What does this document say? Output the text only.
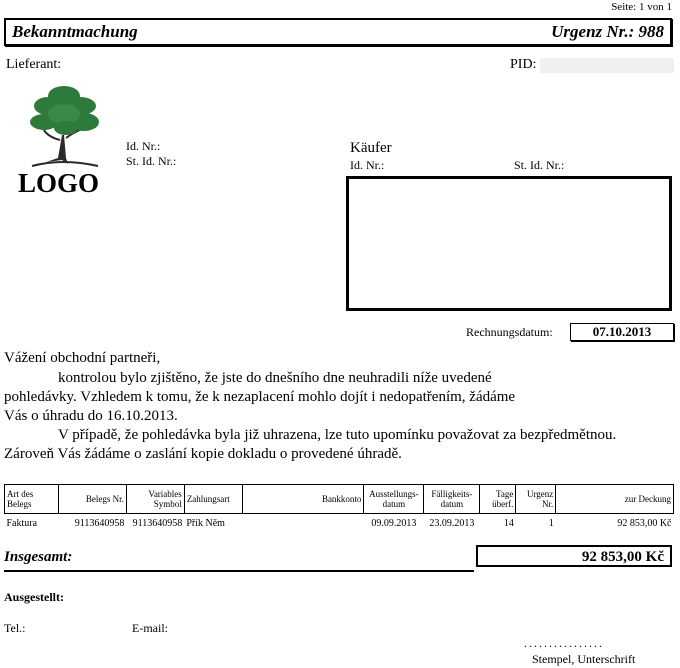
Seite: 1 von 1
Bekanntmachung	Urgenz Nr.: 988
Lieferant:	PID:
LOGO
Id. Nr.:
St. Id. Nr.:
Käufer
Id. Nr.:	St. Id. Nr.:
Rechnungsdatum:	07.10.2013
Vážení obchodní partneři,
kontrolou bylo zjištěno, že jste do dnešního dne neuhradili níže uvedené
pohledávky. Vzhledem k tomu, že k nezaplacení mohlo dojít i nedopatřením, žádáme
Vás o úhradu do 16.10.2013.
V případě, že pohledávka byla již uhrazena, lze tuto upomínku považovat za bezpředmětnou.
Zároveň Vás žádáme o zaslání kopie dokladu o provedené úhradě.
Art des Belegs	Belegs Nr.	Variables Symbol	Zahlungsart	Bankkonto	Ausstellungs-datum	Fälligkeits-datum	Tage überf.	Urgenz Nr.	zur Deckung
Faktura	9113640958	9113640958	Přík Něm		09.09.2013	23.09.2013	14	1	92 853,00 Kč
Insgesamt:	92 853,00 Kč
Ausgestellt:
Tel.:	E-mail:
................
Stempel, Unterschrift
